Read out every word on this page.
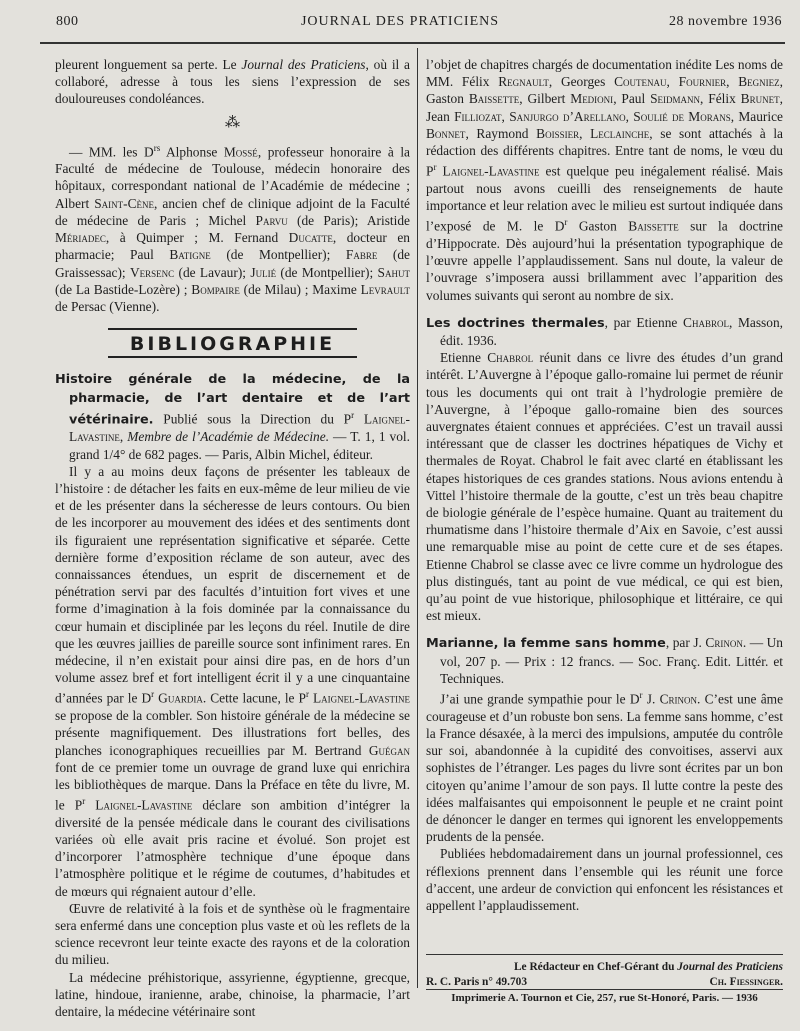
800	JOURNAL DES PRATICIENS	28 novembre 1936

pleurent longuement sa perte. Le Journal des Praticiens, où il a collaboré, adresse à tous les siens l’expression de ses douloureuses condoléances.

⁂

— MM. les $D^{rs}$ Alphonse Mossé, professeur honoraire à la Faculté de médecine de Toulouse, médecin honoraire des hôpitaux, correspondant national de l’Académie de médecine ; Albert Saint-Cène, ancien chef de clinique adjoint de la Faculté de médecine de Paris ; Michel Parvu (de Paris); Aristide Mériadec, à Quimper ; M. Fernand Ducatte, docteur en pharmacie; Paul Batigne (de Montpellier); Fabre (de Graissessac); Versenc (de Lavaur); Julié (de Montpellier); Sahut (de La Bastide-Lozère) ; Bompaire (de Milau) ; Maxime Levrault de Persac (Vienne).

BIBLIOGRAPHIE

Histoire générale de la médecine, de la pharmacie, de l’art dentaire et de l’art vétérinaire. Publié sous la Direction du $P^r$ Laignel-Lavastine, Membre de l’Académie de Médecine. — T. 1, 1 vol. grand 1/4° de 682 pages. — Paris, Albin Michel, éditeur.

Il y a au moins deux façons de présenter les tableaux de l’histoire : de détacher les faits en eux-même de leur milieu de vie et de les présenter dans la sécheresse de leurs contours. Ou bien de les incorporer au mouvement des idées et des sentiments dont ils figuraient une représentation significative et séparée. Cette dernière forme d’exposition réclame de son auteur, avec des connaissances étendues, un esprit de discernement et de pénétration servi par des facultés d’intuition fort vives et une forme d’imagination à la fois dominée par la connaissance du cœur humain et disciplinée par les leçons du réel. Inutile de dire que les œuvres jaillies de pareille source sont infiniment rares. En médecine, il n’en existait pour ainsi dire pas, en de hors d’un volume assez bref et fort intelligent écrit il y a une cinquantaine d’années par le $D^r$ Guardia. Cette lacune, le $P^r$ Laignel-Lavastine se propose de la combler. Son histoire générale de la médecine se présente magnifiquement. Des illustrations fort belles, des planches iconographiques recueillies par M. Bertrand Guégan font de ce premier tome un ouvrage de grand luxe qui enrichira les bibliothèques de marque. Dans la Préface en tête du livre, M. le $P^r$ Laignel-Lavastine déclare son ambition d’intégrer la diversité de la pensée médicale dans le courant des civilisations variées où elle avait pris racine et évolué. Son projet est d’incorporer l’atmosphère technique d’une époque dans l’atmosphère politique et le régime de coutumes, d’habitudes et de mœurs qui régnaient autour d’elle.

Œuvre de relativité à la fois et de synthèse où le fragmentaire sera enfermé dans une conception plus vaste et où les reflets de la science recevront leur teinte exacte des rayons et de la coloration du milieu.

La médecine préhistorique, assyrienne, égyptienne, grecque, latine, hindoue, iranienne, arabe, chinoise, la pharmacie, l’art dentaire, la médecine vétérinaire sont

l’objet de chapitres chargés de documentation inédite Les noms de MM. Félix Regnault, Georges Coutenau, Fournier, Begniez, Gaston Baissette, Gilbert Medioni, Paul Seidmann, Félix Brunet, Jean Filliozat, Sanjurgo d’Arellano, Soulié de Morans, Maurice Bonnet, Raymond Boissier, Leclainche, se sont attachés à la rédaction des différents chapitres. Entre tant de noms, le vœu du $P^r$ Laignel-Lavastine est quelque peu inégalement réalisé. Mais partout nous avons cueilli des renseignements de haute importance et leur relation avec le milieu est surtout indiquée dans l’exposé de M. le $D^r$ Gaston Baissette sur la doctrine d’Hippocrate. Dès aujourd’hui la présentation typographique de l’œuvre appelle l’applaudissement. Sans nul doute, la valeur de l’ouvrage s’imposera aussi brillamment avec l’apparition des volumes suivants qui seront au nombre de six.

Les doctrines thermales, par Etienne Chabrol, Masson, édit. 1936.

Etienne Chabrol réunit dans ce livre des études d’un grand intérêt. L’Auvergne à l’époque gallo-romaine lui permet de réunir tous les documents qui ont trait à l’hydrologie première de l’Auvergne, à l’époque gallo-romaine bien des sources auvergnates étaient connues et appréciées. C’est un travail aussi intéressant que de classer les doctrines hépatiques de Vichy et thermales de Royat. Chabrol le fait avec clarté en établissant les étapes historiques de ces grandes stations. Nous avions entendu à Vittel l’histoire thermale de la goutte, c’est un très beau chapitre de biologie générale de l’espèce humaine. Quant au traitement du rhumatisme dans l’histoire thermale d’Aix en Savoie, c’est aussi une remarquable mise au point de cette cure et de ses étapes. Etienne Chabrol se classe avec ce livre comme un hydrologue des plus distingués, tant au point de vue médical, ce qui est bien, qu’au point de vue historique, philosophique et littéraire, ce qui est mieux.

Marianne, la femme sans homme, par J. Crinon. — Un vol, 207 p. — Prix : 12 francs. — Soc. Franç. Edit. Littér. et Techniques.

J’ai une grande sympathie pour le $D^r$ J. Crinon. C’est une âme courageuse et d’un robuste bon sens. La femme sans homme, c’est la France désaxée, à la merci des impulsions, amputée du contrôle sur soi, abandonnée à la cupidité des convoitises, asservi aux sophistes de l’étranger. Les pages du livre sont écrites par un bon citoyen qu’anime l’amour de son pays. Il lutte contre la peste des idées malfaisantes qui empoisonnent le peuple et ne craint point de dénoncer le danger en termes qui ignorent les enveloppements prudents de la pensée.

Publiées hebdomadairement dans un journal professionnel, ces réflexions prennent dans l’ensemble qui les réunit une force d’accent, une ardeur de conviction qui enfoncent les résistances et appellent l’applaudissement.

Le Rédacteur en Chef-Gérant du Journal des Praticiens
R. C. Paris n° 49.703	Ch. Fiessinger.
Imprimerie A. Tournon et Cie, 257, rue St-Honoré, Paris. — 1936
